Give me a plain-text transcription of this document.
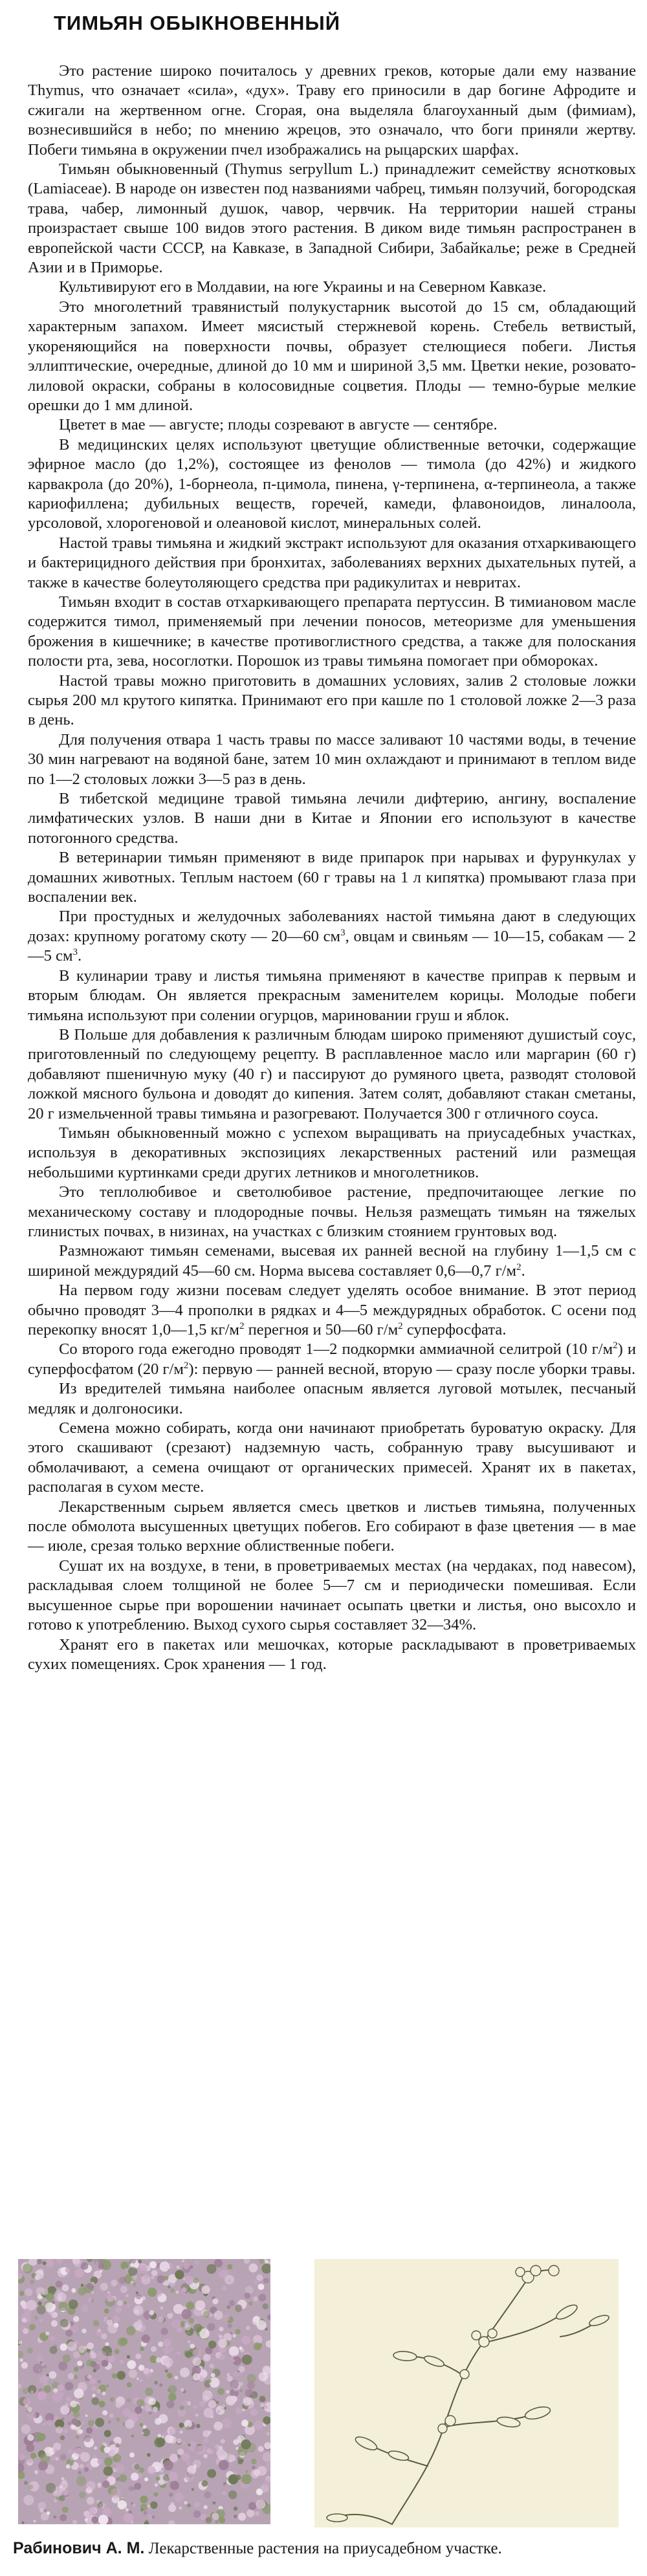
ТИМЬЯН ОБЫКНОВЕННЫЙ

Это растение широко почиталось у древних греков, которые дали ему название Thymus, что означает «сила», «дух». Траву его приносили в дар богине Афродите и сжигали на жертвенном огне. Сгорая, она выделяла благоуханный дым (фимиам), вознесившийся в небо; по мнению жрецов, это означало, что боги приняли жертву. Побеги тимьяна в окружении пчел изображались на рыцарских шарфах.

Тимьян обыкновенный (Thymus serpyllum L.) принадлежит семейству яснотковых (Lamiaceae). В народе он известен под названиями чабрец, тимьян ползучий, богородская трава, чабер, лимонный душок, чавор, червчик. На территории нашей страны произрастает свыше 100 видов этого растения. В диком виде тимьян распространен в европейской части СССР, на Кавказе, в Западной Сибири, Забайкалье; реже в Средней Азии и в Приморье.

Культивируют его в Молдавии, на юге Украины и на Северном Кавказе.

Это многолетний травянистый полукустарник высотой до 15 см, обладающий характерным запахом. Имеет мясистый стержневой корень. Стебель ветвистый, укореняющийся на поверхности почвы, образует стелющиеся побеги. Листья эллиптические, очередные, длиной до 10 мм и шириной 3,5 мм. Цветки некие, розовато-лиловой окраски, собраны в колосовидные соцветия. Плоды — темно-бурые мелкие орешки до 1 мм длиной.

Цветет в мае — августе; плоды созревают в августе — сентябре.

В медицинских целях используют цветущие облиственные веточки, содержащие эфирное масло (до 1,2%), состоящее из фенолов — тимола (до 42%) и жидкого карвакрола (до 20%), 1-борнеола, п-цимола, пинена, γ-терпинена, α-терпинеола, а также кариофиллена; дубильных веществ, горечей, камеди, флавоноидов, линалоола, урсоловой, хлорогеновой и олеановой кислот, минеральных солей.

Настой травы тимьяна и жидкий экстракт используют для оказания отхаркивающего и бактерицидного действия при бронхитах, заболеваниях верхних дыхательных путей, а также в качестве болеутоляющего средства при радикулитах и невритах.

Тимьян входит в состав отхаркивающего препарата пертуссин. В тимиановом масле содержится тимол, применяемый при лечении поносов, метеоризме для уменьшения брожения в кишечнике; в качестве противоглистного средства, а также для полоскания полости рта, зева, носоглотки. Порошок из травы тимьяна помогает при обмороках.

Настой травы можно приготовить в домашних условиях, залив 2 столовые ложки сырья 200 мл крутого кипятка. Принимают его при кашле по 1 столовой ложке 2—3 раза в день.

Для получения отвара 1 часть травы по массе заливают 10 частями воды, в течение 30 мин нагревают на водяной бане, затем 10 мин охлаждают и принимают в теплом виде по 1—2 столовых ложки 3—5 раз в день.

В тибетской медицине травой тимьяна лечили дифтерию, ангину, воспаление лимфатических узлов. В наши дни в Китае и Японии его используют в качестве потогонного средства.

В ветеринарии тимьян применяют в виде припарок при нарывах и фурункулах у домашних животных. Теплым настоем (60 г травы на 1 л кипятка) промывают глаза при воспалении век.

При простудных и желудочных заболеваниях настой тимьяна дают в следующих дозах: крупному рогатому скоту — 20—60 $см^3$, овцам и свиньям — 10—15, собакам — 2—5 $см^3$.

В кулинарии траву и листья тимьяна применяют в качестве приправ к первым и вторым блюдам. Он является прекрасным заменителем корицы. Молодые побеги тимьяна используют при солении огурцов, мариновании груш и яблок.

В Польше для добавления к различным блюдам широко применяют душистый соус, приготовленный по следующему рецепту. В расплавленное масло или маргарин (60 г) добавляют пшеничную муку (40 г) и пассируют до румяного цвета, разводят столовой ложкой мясного бульона и доводят до кипения. Затем солят, добавляют стакан сметаны, 20 г измельченной травы тимьяна и разогревают. Получается 300 г отличного соуса.

Тимьян обыкновенный можно с успехом выращивать на приусадебных участках, используя в декоративных экспозициях лекарственных растений или размещая небольшими куртинками среди других летников и многолетников.

Это теплолюбивое и светолюбивое растение, предпочитающее легкие по механическому составу и плодородные почвы. Нельзя размещать тимьян на тяжелых глинистых почвах, в низинах, на участках с близким стоянием грунтовых вод.

Размножают тимьян семенами, высевая их ранней весной на глубину 1—1,5 см с шириной междурядий 45—60 см. Норма высева составляет 0,6—0,7 $г/м^2$.

На первом году жизни посевам следует уделять особое внимание. В этот период обычно проводят 3—4 прополки в рядках и 4—5 междурядных обработок. С осени под перекопку вносят 1,0—1,5 $кг/м^2$ перегноя и 50—60 $г/м^2$ суперфосфата.

Со второго года ежегодно проводят 1—2 подкормки аммиачной селитрой (10 $г/м^2$) и суперфосфатом (20 $г/м^2$): первую — ранней весной, вторую — сразу после уборки травы.

Из вредителей тимьяна наиболее опасным является луговой мотылек, песчаный медляк и долгоносики.

Семена можно собирать, когда они начинают приобретать буроватую окраску. Для этого скашивают (срезают) надземную часть, собранную траву высушивают и обмолачивают, а семена очищают от органических примесей. Хранят их в пакетах, располагая в сухом месте.

Лекарственным сырьем является смесь цветков и листьев тимьяна, полученных после обмолота высушенных цветущих побегов. Его собирают в фазе цветения — в мае — июле, срезая только верхние облиственные побеги.

Сушат их на воздухе, в тени, в проветриваемых местах (на чердаках, под навесом), раскладывая слоем толщиной не более 5—7 см и периодически помешивая. Если высушенное сырье при ворошении начинает осыпать цветки и листья, оно высохло и готово к употреблению. Выход сухого сырья составляет 32—34%.

Хранят его в пакетах или мешочках, которые раскладывают в проветриваемых сухих помещениях. Срок хранения — 1 год.

Рабинович А. М. Лекарственные растения на приусадебном участке.
